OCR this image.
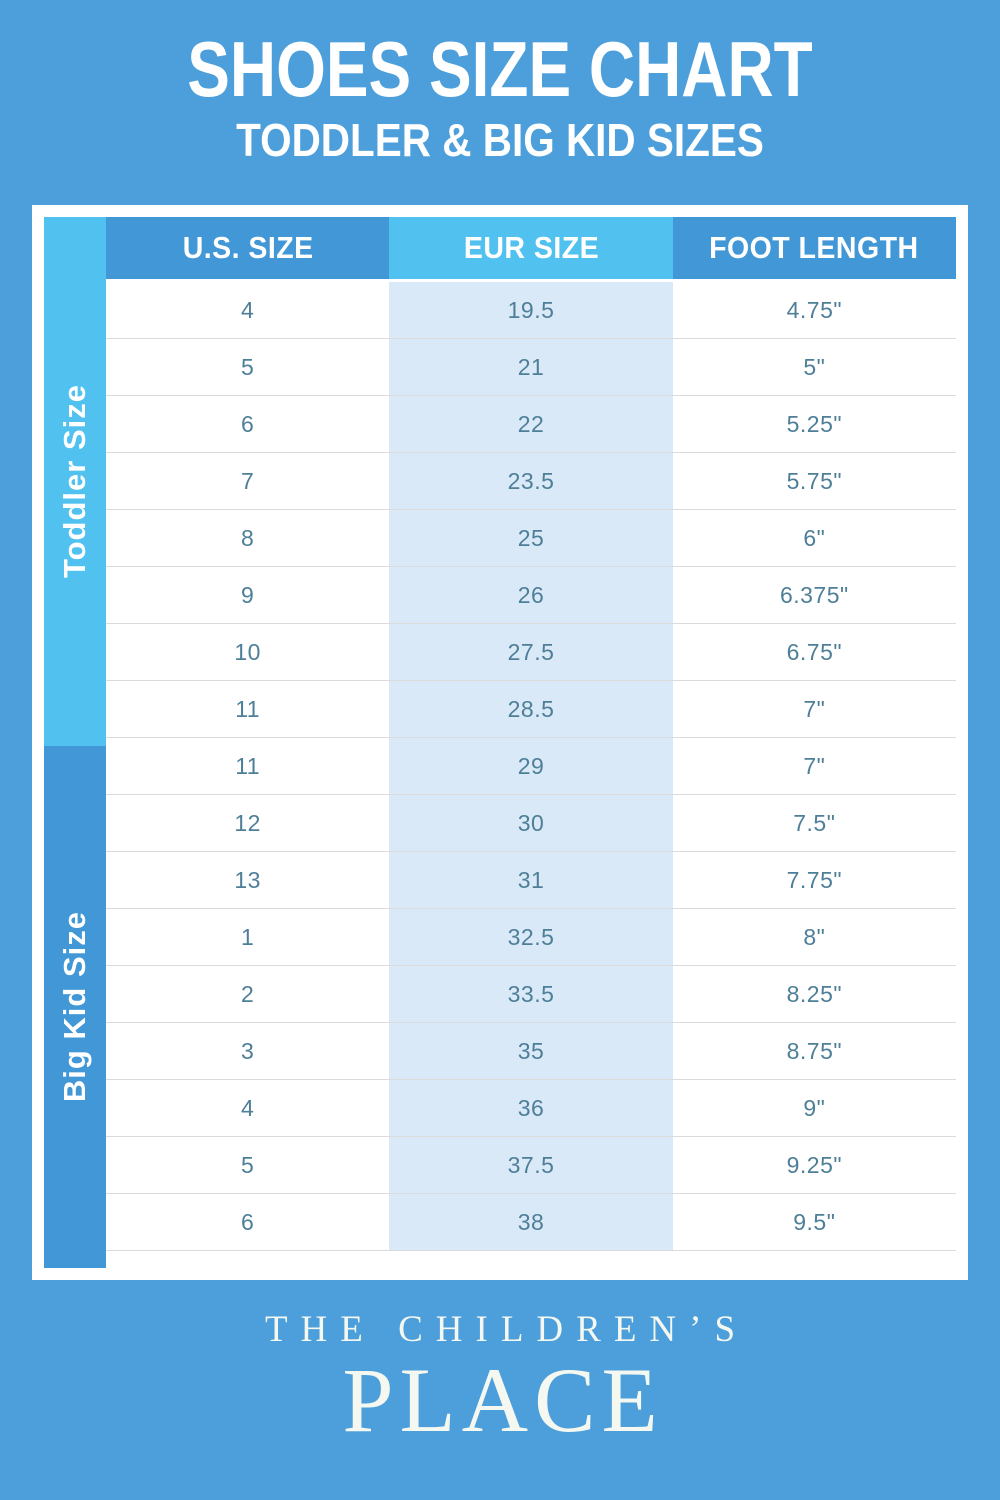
SHOES SIZE CHART
TODDLER & BIG KID SIZES
Toddler Size
Big Kid Size
U.S. SIZE	EUR SIZE	FOOT LENGTH
4	19.5	4.75"
5	21	5"
6	22	5.25"
7	23.5	5.75"
8	25	6"
9	26	6.375"
10	27.5	6.75"
11	28.5	7"
11	29	7"
12	30	7.5"
13	31	7.75"
1	32.5	8"
2	33.5	8.25"
3	35	8.75"
4	36	9"
5	37.5	9.25"
6	38	9.5"
THE CHILDREN’S
PLACE
